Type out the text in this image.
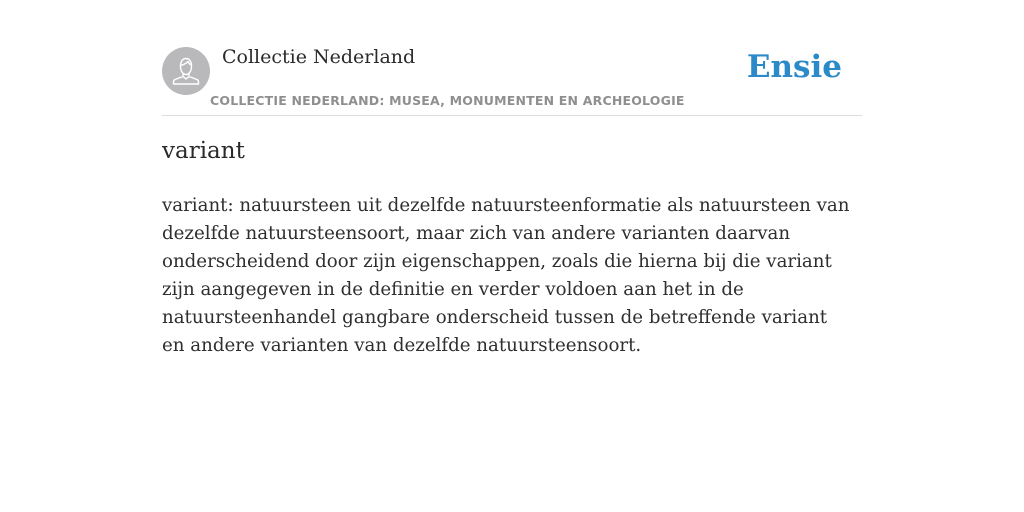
Collectie Nederland
COLLECTIE NEDERLAND: MUSEA, MONUMENTEN EN ARCHEOLOGIE
Ensie
variant

variant: natuursteen uit dezelfde natuursteenformatie als natuursteen van dezelfde natuursteensoort, maar zich van andere varianten daarvan onderscheidend door zijn eigenschappen, zoals die hierna bij die variant zijn aangegeven in de definitie en verder voldoen aan het in de natuursteenhandel gangbare onderscheid tussen de betreffende variant en andere varianten van dezelfde natuursteensoort.
